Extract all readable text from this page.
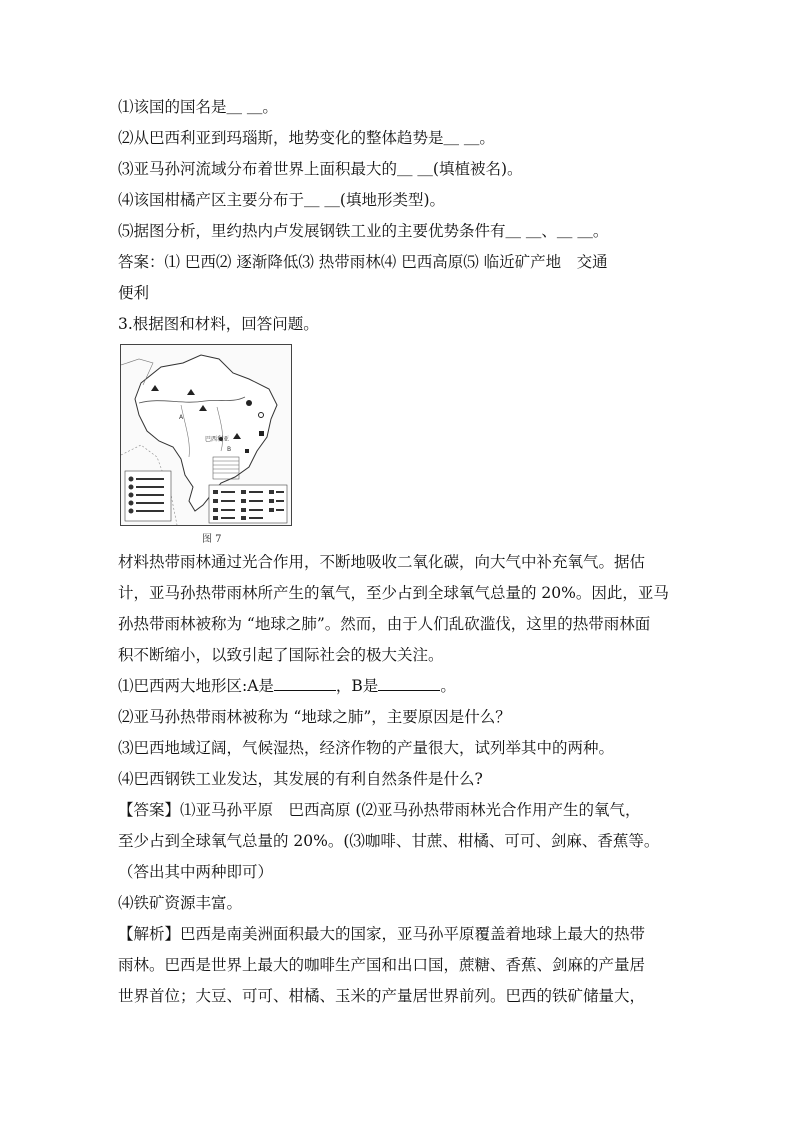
⑴该国的国名是＿ ＿。
⑵从巴西利亚到玛瑙斯，地势变化的整体趋势是＿ ＿。
⑶亚马孙河流域分布着世界上面积最大的＿ ＿(填植被名)。
⑷该国柑橘产区主要分布于＿ ＿(填地形类型)。
⑸据图分析，里约热内卢发展钢铁工业的主要优势条件有＿ ＿、＿ ＿。
答案：⑴ 巴西⑵ 逐渐降低⑶ 热带雨林⑷ 巴西高原⑸ 临近矿产地　交通
便利
3.根据图和材料，回答问题。
巴西利亚
A
B
图 7
材料热带雨林通过光合作用，不断地吸收二氧化碳，向大气中补充氧气。据估
计，亚马孙热带雨林所产生的氧气，至少占到全球氧气总量的 20%。因此，亚马
孙热带雨林被称为 “地球之肺”。然而，由于人们乱砍滥伐，这里的热带雨林面
积不断缩小，以致引起了国际社会的极大关注。
⑴巴西两大地形区:A是	，B是	。
⑵亚马孙热带雨林被称为 “地球之肺”，主要原因是什么？
⑶巴西地域辽阔，气候湿热，经济作物的产量很大，试列举其中的两种。
⑷巴西钢铁工业发达，其发展的有利自然条件是什么?
【答案】⑴亚马孙平原　巴西高原 (⑵亚马孙热带雨林光合作用产生的氧气，
至少占到全球氧气总量的 20%。(⑶咖啡、甘蔗、柑橘、可可、剑麻、香蕉等。
（答出其中两种即可）
⑷铁矿资源丰富。
【解析】巴西是南美洲面积最大的国家，亚马孙平原覆盖着地球上最大的热带
雨林。巴西是世界上最大的咖啡生产国和出口国，蔗糖、香蕉、剑麻的产量居
世界首位；大豆、可可、柑橘、玉米的产量居世界前列。巴西的铁矿储量大，
